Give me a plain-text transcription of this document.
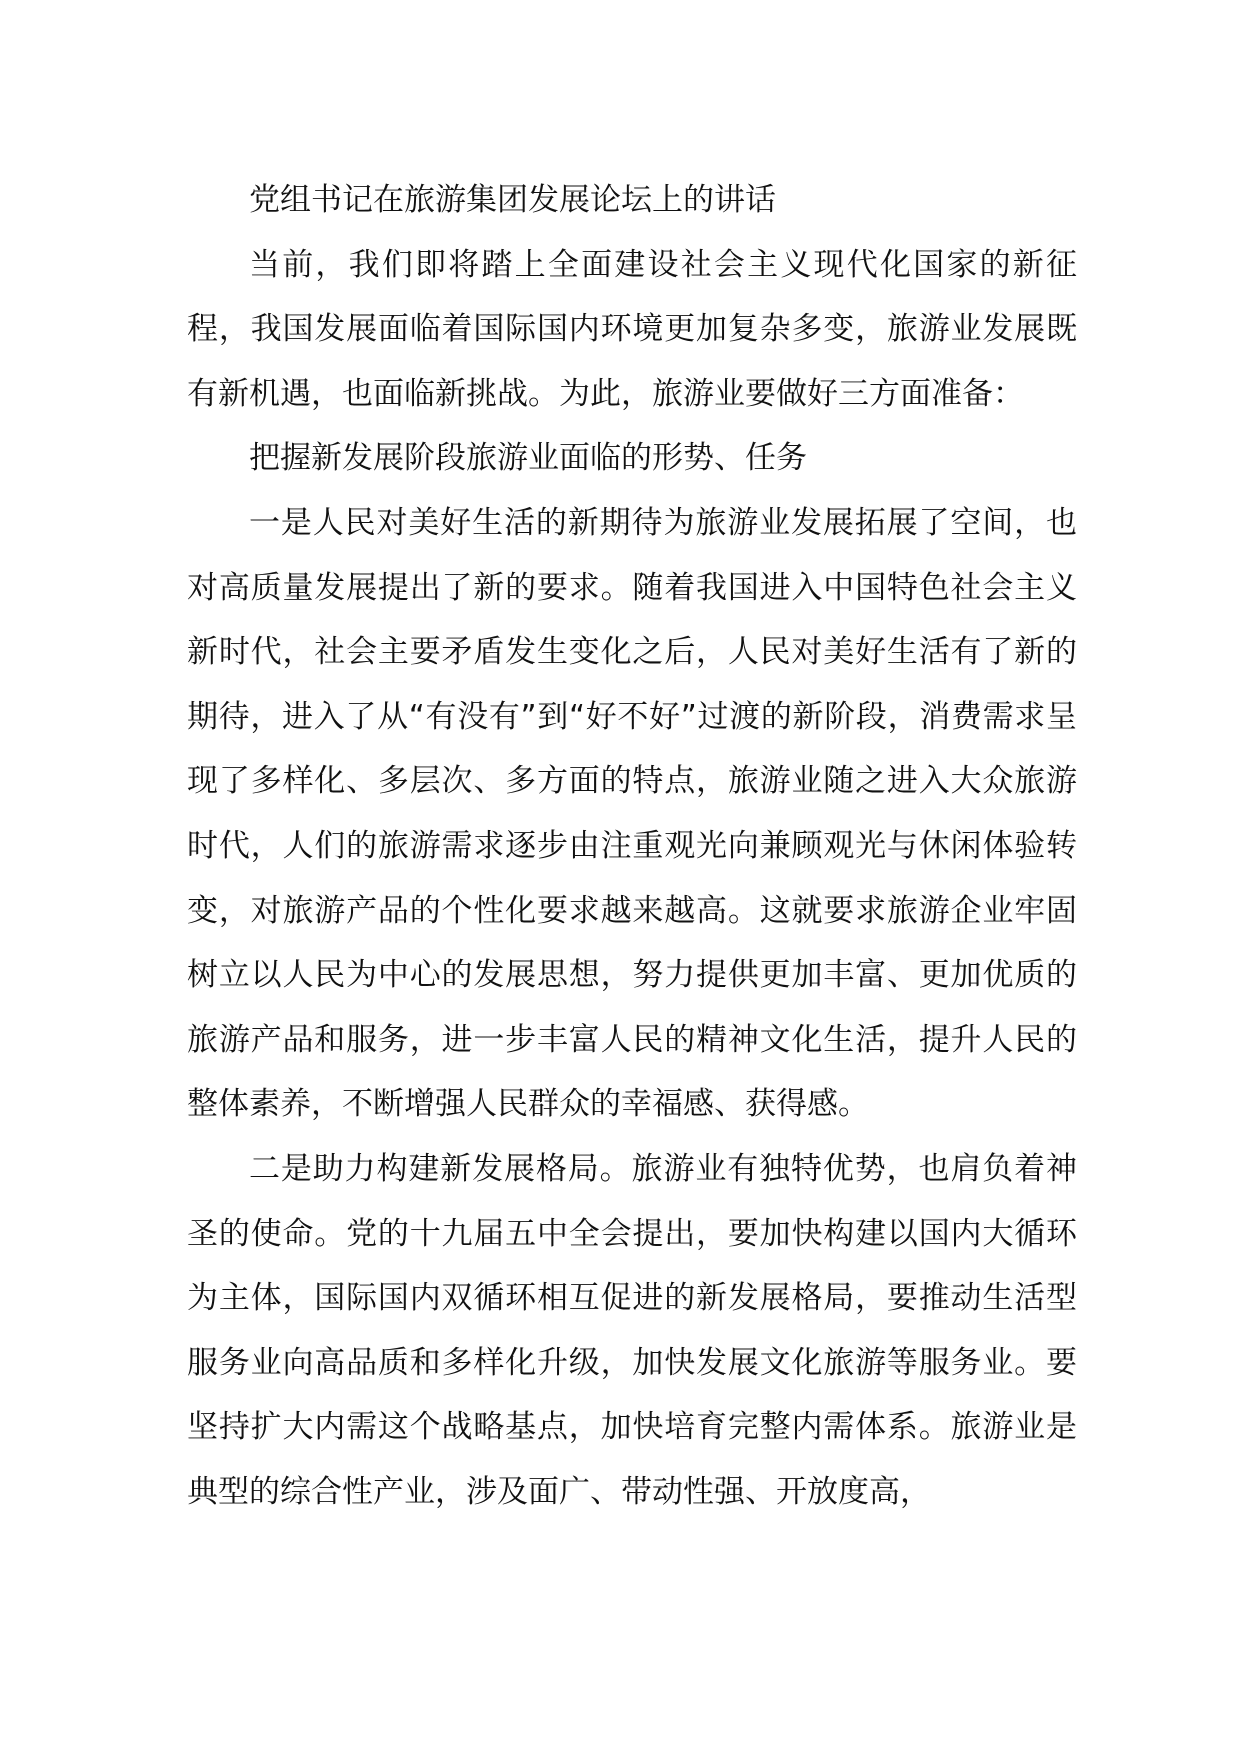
党组书记在旅游集团发展论坛上的讲话

当前，我们即将踏上全面建设社会主义现代化国家的新征程，我国发展面临着国际国内环境更加复杂多变，旅游业发展既有新机遇，也面临新挑战。为此，旅游业要做好三方面准备：

把握新发展阶段旅游业面临的形势、任务

一是人民对美好生活的新期待为旅游业发展拓展了空间，也对高质量发展提出了新的要求。随着我国进入中国特色社会主义新时代，社会主要矛盾发生变化之后，人民对美好生活有了新的期待，进入了从“有没有”到“好不好”过渡的新阶段，消费需求呈现了多样化、多层次、多方面的特点，旅游业随之进入大众旅游时代，人们的旅游需求逐步由注重观光向兼顾观光与休闲体验转变，对旅游产品的个性化要求越来越高。这就要求旅游企业牢固树立以人民为中心的发展思想，努力提供更加丰富、更加优质的旅游产品和服务，进一步丰富人民的精神文化生活，提升人民的整体素养，不断增强人民群众的幸福感、获得感。

二是助力构建新发展格局。旅游业有独特优势，也肩负着神圣的使命。党的十九届五中全会提出，要加快构建以国内大循环为主体，国际国内双循环相互促进的新发展格局，要推动生活型服务业向高品质和多样化升级，加快发展文化旅游等服务业。要坚持扩大内需这个战略基点，加快培育完整内需体系。旅游业是典型的综合性产业，涉及面广、带动性强、开放度高，
